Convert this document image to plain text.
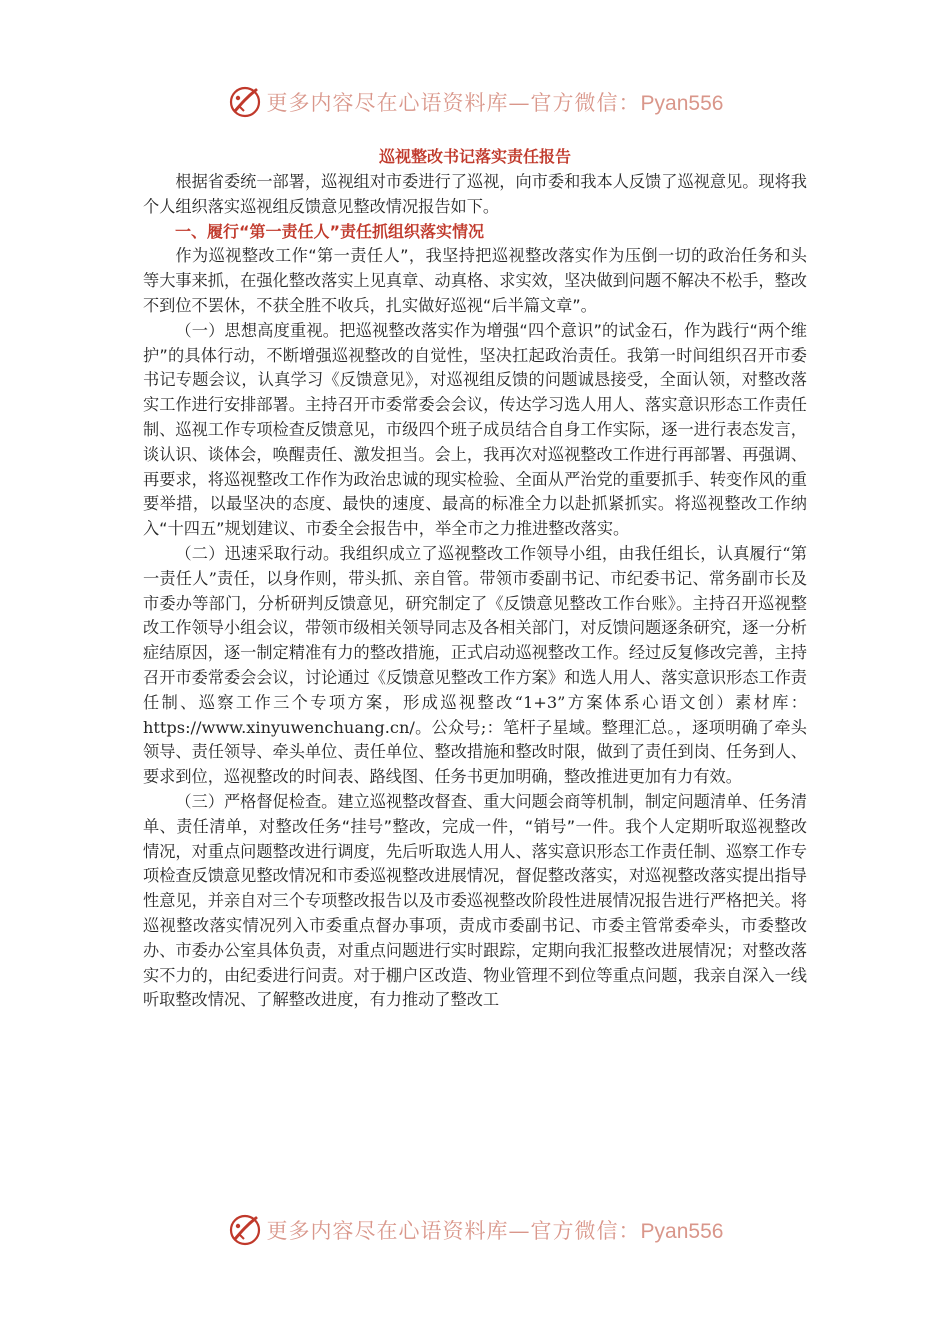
更多内容尽在心语资料库—官方微信：Pyan556
巡视整改书记落实责任报告

根据省委统一部署，巡视组对市委进行了巡视，向市委和我本人反馈了巡视意见。现将我个人组织落实巡视组反馈意见整改情况报告如下。

一、履行“第一责任人”责任抓组织落实情况

作为巡视整改工作“第一责任人”，我坚持把巡视整改落实作为压倒一切的政治任务和头等大事来抓，在强化整改落实上见真章、动真格、求实效，坚决做到问题不解决不松手，整改不到位不罢休，不获全胜不收兵，扎实做好巡视“后半篇文章”。

（一）思想高度重视。把巡视整改落实作为增强“四个意识”的试金石，作为践行“两个维护”的具体行动，不断增强巡视整改的自觉性，坚决扛起政治责任。我第一时间组织召开市委书记专题会议，认真学习《反馈意见》，对巡视组反馈的问题诚恳接受，全面认领，对整改落实工作进行安排部署。主持召开市委常委会会议，传达学习选人用人、落实意识形态工作责任制、巡视工作专项检查反馈意见，市级四个班子成员结合自身工作实际，逐一进行表态发言，谈认识、谈体会，唤醒责任、激发担当。会上，我再次对巡视整改工作进行再部署、再强调、再要求，将巡视整改工作作为政治忠诚的现实检验、全面从严治党的重要抓手、转变作风的重要举措，以最坚决的态度、最快的速度、最高的标准全力以赴抓紧抓实。将巡视整改工作纳入“十四五”规划建议、市委全会报告中，举全市之力推进整改落实。

（二）迅速采取行动。我组织成立了巡视整改工作领导小组，由我任组长，认真履行“第一责任人”责任，以身作则，带头抓、亲自管。带领市委副书记、市纪委书记、常务副市长及市委办等部门，分析研判反馈意见，研究制定了《反馈意见整改工作台账》。主持召开巡视整改工作领导小组会议，带领市级相关领导同志及各相关部门，对反馈问题逐条研究，逐一分析症结原因，逐一制定精准有力的整改措施，正式启动巡视整改工作。经过反复修改完善，主持召开市委常委会会议，讨论通过《反馈意见整改工作方案》和选人用人、落实意识形态工作责任制、巡察工作三个专项方案，形成巡视整改“1+3”方案体系心语文创）素材库：https://www.xinyuwenchuang.cn/。公众号;：笔杆子星域。整理汇总。，逐项明确了牵头领导、责任领导、牵头单位、责任单位、整改措施和整改时限，做到了责任到岗、任务到人、要求到位，巡视整改的时间表、路线图、任务书更加明确，整改推进更加有力有效。

（三）严格督促检查。建立巡视整改督查、重大问题会商等机制，制定问题清单、任务清单、责任清单，对整改任务“挂号”整改，完成一件，“销号”一件。我个人定期听取巡视整改情况，对重点问题整改进行调度，先后听取选人用人、落实意识形态工作责任制、巡察工作专项检查反馈意见整改情况和市委巡视整改进展情况，督促整改落实，对巡视整改落实提出指导性意见，并亲自对三个专项整改报告以及市委巡视整改阶段性进展情况报告进行严格把关。将巡视整改落实情况列入市委重点督办事项，责成市委副书记、市委主管常委牵头，市委整改办、市委办公室具体负责，对重点问题进行实时跟踪，定期向我汇报整改进展情况；对整改落实不力的，由纪委进行问责。对于棚户区改造、物业管理不到位等重点问题，我亲自深入一线听取整改情况、了解整改进度，有力推动了整改工

更多内容尽在心语资料库—官方微信：Pyan556
